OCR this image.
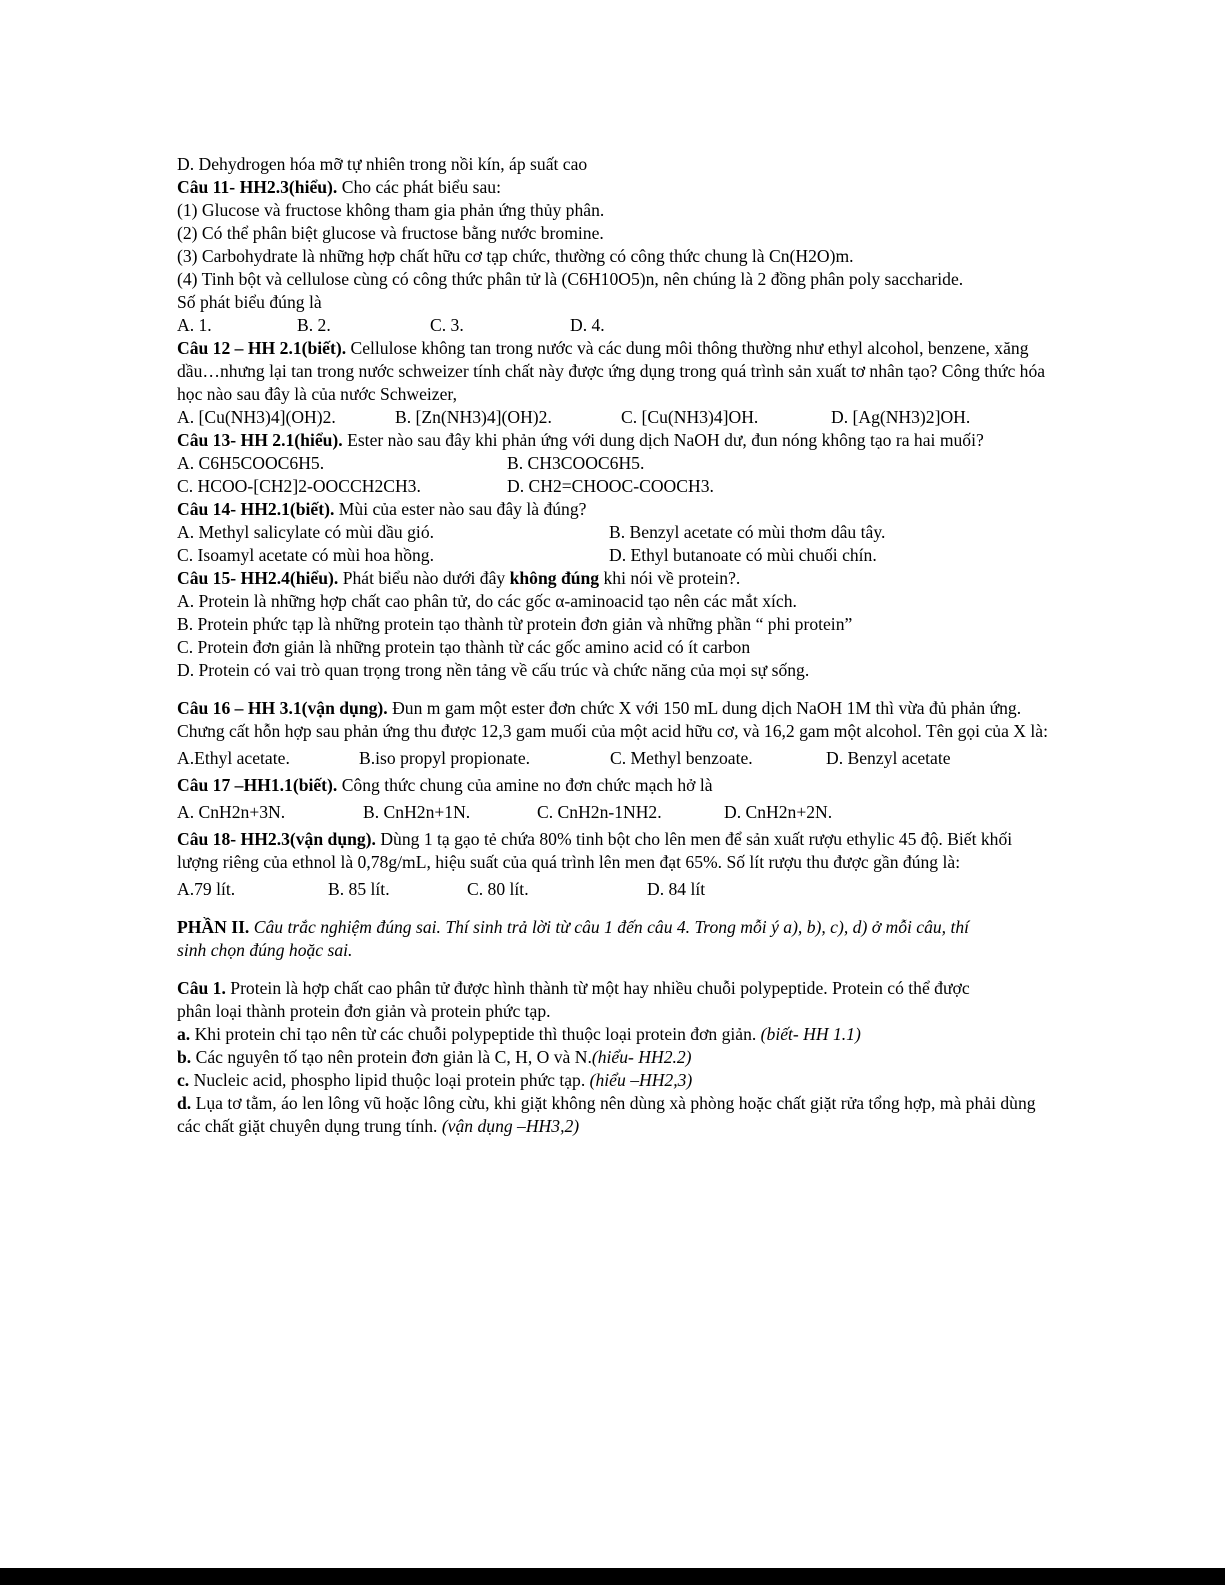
D. Dehydrogen hóa mỡ tự nhiên trong nồi kín, áp suất cao
Câu 11- HH2.3(hiểu). Cho các phát biểu sau:
(1) Glucose và fructose không tham gia phản ứng thủy phân.
(2) Có thể phân biệt glucose và fructose bằng nước bromine.
(3) Carbohydrate là những hợp chất hữu cơ tạp chức, thường có công thức chung là Cn(H2O)m.
(4) Tinh bột và cellulose cùng có công thức phân tử là (C6H10O5)n, nên chúng là 2 đồng phân poly saccharide.
Số phát biểu đúng là
A. 1.	B. 2.	C. 3.	D. 4.
Câu 12 – HH 2.1(biết). Cellulose không tan trong nước và các dung môi thông thường như ethyl alcohol, benzene, xăng dầu…nhưng lại tan trong nước schweizer tính chất này được ứng dụng trong quá trình sản xuất tơ nhân tạo? Công thức hóa học nào sau đây là của nước Schweizer,
A. [Cu(NH3)4](OH)2.	B. [Zn(NH3)4](OH)2.	C. [Cu(NH3)4]OH.	D. [Ag(NH3)2]OH.
Câu 13- HH 2.1(hiểu). Ester nào sau đây khi phản ứng với dung dịch NaOH dư, đun nóng không tạo ra hai muối?
A. C6H5COOC6H5.	B. CH3COOC6H5.
C. HCOO-[CH2]2-OOCCH2CH3.	D. CH2=CHOOC-COOCH3.
Câu 14- HH2.1(biết). Mùi của ester nào sau đây là đúng?
A. Methyl salicylate có mùi dầu gió.	B. Benzyl acetate có mùi thơm dâu tây.
C. Isoamyl acetate có mùi hoa hồng.	D. Ethyl butanoate có mùi chuối chín.
Câu 15- HH2.4(hiểu). Phát biểu nào dưới đây không đúng khi nói về protein?.
A. Protein là những hợp chất cao phân tử, do các gốc α-aminoacid tạo nên các mắt xích.
B. Protein phức tạp là những protein tạo thành từ protein đơn giản và những phần “ phi protein”
C. Protein đơn giản là những protein tạo thành từ các gốc amino acid có ít carbon
D. Protein có vai trò quan trọng trong nền tảng về cấu trúc và chức năng của mọi sự sống.
Câu 16 – HH 3.1(vận dụng). Đun m gam một ester đơn chức X với 150 mL dung dịch NaOH 1M thì vừa đủ phản ứng. Chưng cất hỗn hợp sau phản ứng thu được 12,3 gam muối của một acid hữu cơ, và 16,2 gam một alcohol. Tên gọi của X là:
A.Ethyl acetate.	B.iso propyl propionate.	C. Methyl benzoate.	D. Benzyl acetate
Câu 17 –HH1.1(biết). Công thức chung của amine no đơn chức mạch hở là
A. CnH2n+3N.	B. CnH2n+1N.	C. CnH2n-1NH2.	D. CnH2n+2N.
Câu 18- HH2.3(vận dụng). Dùng 1 tạ gạo tẻ chứa 80% tinh bột cho lên men để sản xuất rượu ethylic 45 độ. Biết khối lượng riêng của ethnol là 0,78g/mL, hiệu suất của quá trình lên men đạt 65%. Số lít rượu thu được gần đúng là:
A.79 lít.	B. 85 lít.	C. 80 lít.	D. 84 lít
PHẦN II. Câu trắc nghiệm đúng sai. Thí sinh trả lời từ câu 1 đến câu 4. Trong mỗi ý a), b), c), d) ở mỗi câu, thí sinh chọn đúng hoặc sai.
Câu 1. Protein là hợp chất cao phân tử được hình thành từ một hay nhiều chuỗi polypeptide. Protein có thể được phân loại thành protein đơn giản và protein phức tạp.
a. Khi protein chỉ tạo nên từ các chuỗi polypeptide thì thuộc loại protein đơn giản. (biết- HH 1.1)
b. Các nguyên tố tạo nên protein đơn giản là C, H, O và N.(hiểu- HH2.2)
c. Nucleic acid, phospho lipid thuộc loại protein phức tạp. (hiểu –HH2,3)
d. Lụa tơ tằm, áo len lông vũ hoặc lông cừu, khi giặt không nên dùng xà phòng hoặc chất giặt rửa tổng hợp, mà phải dùng các chất giặt chuyên dụng trung tính. (vận dụng –HH3,2)
